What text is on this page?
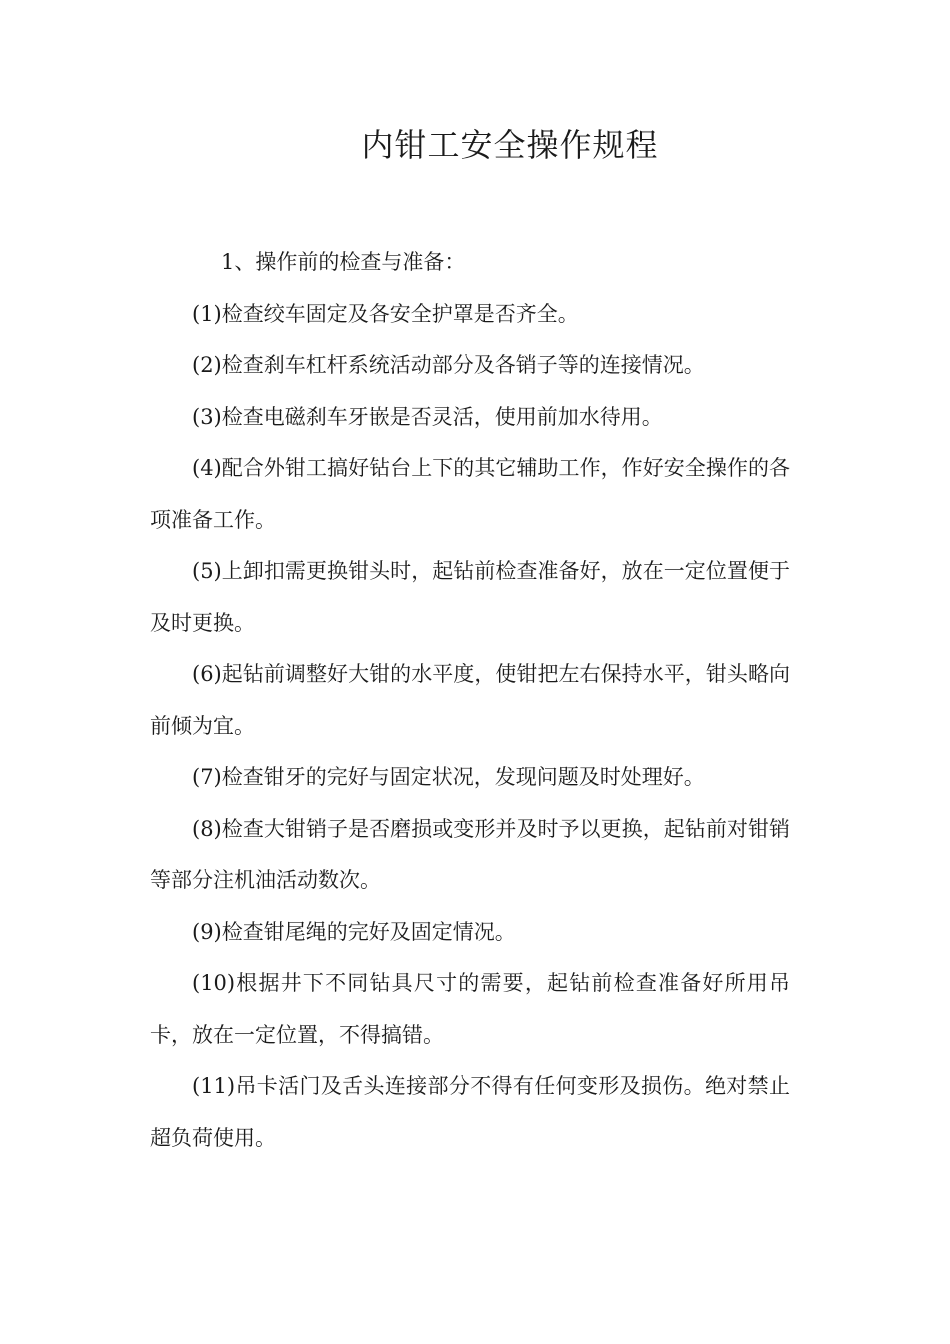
内钳工安全操作规程

1、操作前的检查与准备：

(1)检查绞车固定及各安全护罩是否齐全。

(2)检查刹车杠杆系统活动部分及各销子等的连接情况。

(3)检查电磁刹车牙嵌是否灵活，使用前加水待用。

(4)配合外钳工搞好钻台上下的其它辅助工作，作好安全操作的各项准备工作。

(5)上卸扣需更换钳头时，起钻前检查准备好，放在一定位置便于及时更换。

(6)起钻前调整好大钳的水平度，使钳把左右保持水平，钳头略向前倾为宜。

(7)检查钳牙的完好与固定状况，发现问题及时处理好。

(8)检查大钳销子是否磨损或变形并及时予以更换，起钻前对钳销等部分注机油活动数次。

(9)检查钳尾绳的完好及固定情况。

(10)根据井下不同钻具尺寸的需要，起钻前检查准备好所用吊卡，放在一定位置，不得搞错。

(11)吊卡活门及舌头连接部分不得有任何变形及损伤。绝对禁止超负荷使用。
